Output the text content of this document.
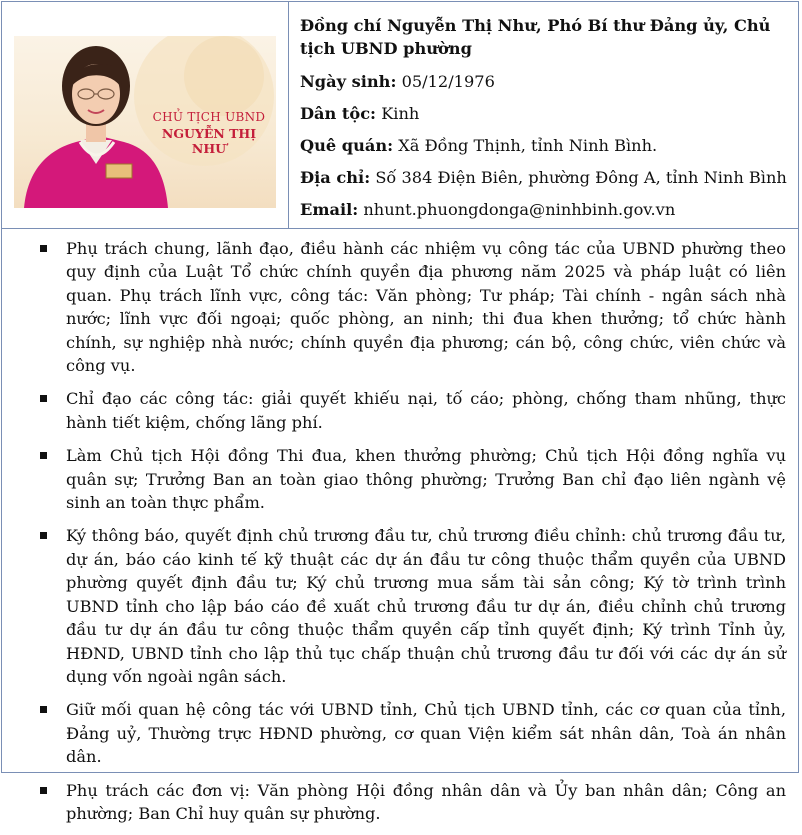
CHỦ TỊCH UBND
NGUYỄN THỊ NHƯ

Đồng chí Nguyễn Thị Như, Phó Bí thư Đảng ủy, Chủ tịch UBND phường

Ngày sinh: 05/12/1976

Dân tộc: Kinh

Quê quán: Xã Đồng Thịnh, tỉnh Ninh Bình.

Địa chỉ: Số 384 Điện Biên, phường Đông A, tỉnh Ninh Bình

Email: nhunt.phuongdonga@ninhbinh.gov.vn

Phụ trách chung, lãnh đạo, điều hành các nhiệm vụ công tác của UBND phường theo quy định của Luật Tổ chức chính quyền địa phương năm 2025 và pháp luật có liên quan. Phụ trách lĩnh vực, công tác: Văn phòng; Tư pháp; Tài chính - ngân sách nhà nước; lĩnh vực đối ngoại; quốc phòng, an ninh; thi đua khen thưởng; tổ chức hành chính, sự nghiệp nhà nước; chính quyền địa phương; cán bộ, công chức, viên chức và công vụ.
Chỉ đạo các công tác: giải quyết khiếu nại, tố cáo; phòng, chống tham nhũng, thực hành tiết kiệm, chống lãng phí.
Làm Chủ tịch Hội đồng Thi đua, khen thưởng phường; Chủ tịch Hội đồng nghĩa vụ quân sự; Trưởng Ban an toàn giao thông phường; Trưởng Ban chỉ đạo liên ngành vệ sinh an toàn thực phẩm.
Ký thông báo, quyết định chủ trương đầu tư, chủ trương điều chỉnh: chủ trương đầu tư, dự án, báo cáo kinh tế kỹ thuật các dự án đầu tư công thuộc thẩm quyền của UBND phường quyết định đầu tư; Ký chủ trương mua sắm tài sản công; Ký tờ trình trình UBND tỉnh cho lập báo cáo đề xuất chủ trương đầu tư dự án, điều chỉnh chủ trương đầu tư dự án đầu tư công thuộc thẩm quyền cấp tỉnh quyết định; Ký trình Tỉnh ủy, HĐND, UBND tỉnh cho lập thủ tục chấp thuận chủ trương đầu tư đối với các dự án sử dụng vốn ngoài ngân sách.
Giữ mối quan hệ công tác với UBND tỉnh, Chủ tịch UBND tỉnh, các cơ quan của tỉnh, Đảng uỷ, Thường trực HĐND phường, cơ quan Viện kiểm sát nhân dân, Toà án nhân dân.
Phụ trách các đơn vị: Văn phòng Hội đồng nhân dân và Ủy ban nhân dân; Công an phường; Ban Chỉ huy quân sự phường.
